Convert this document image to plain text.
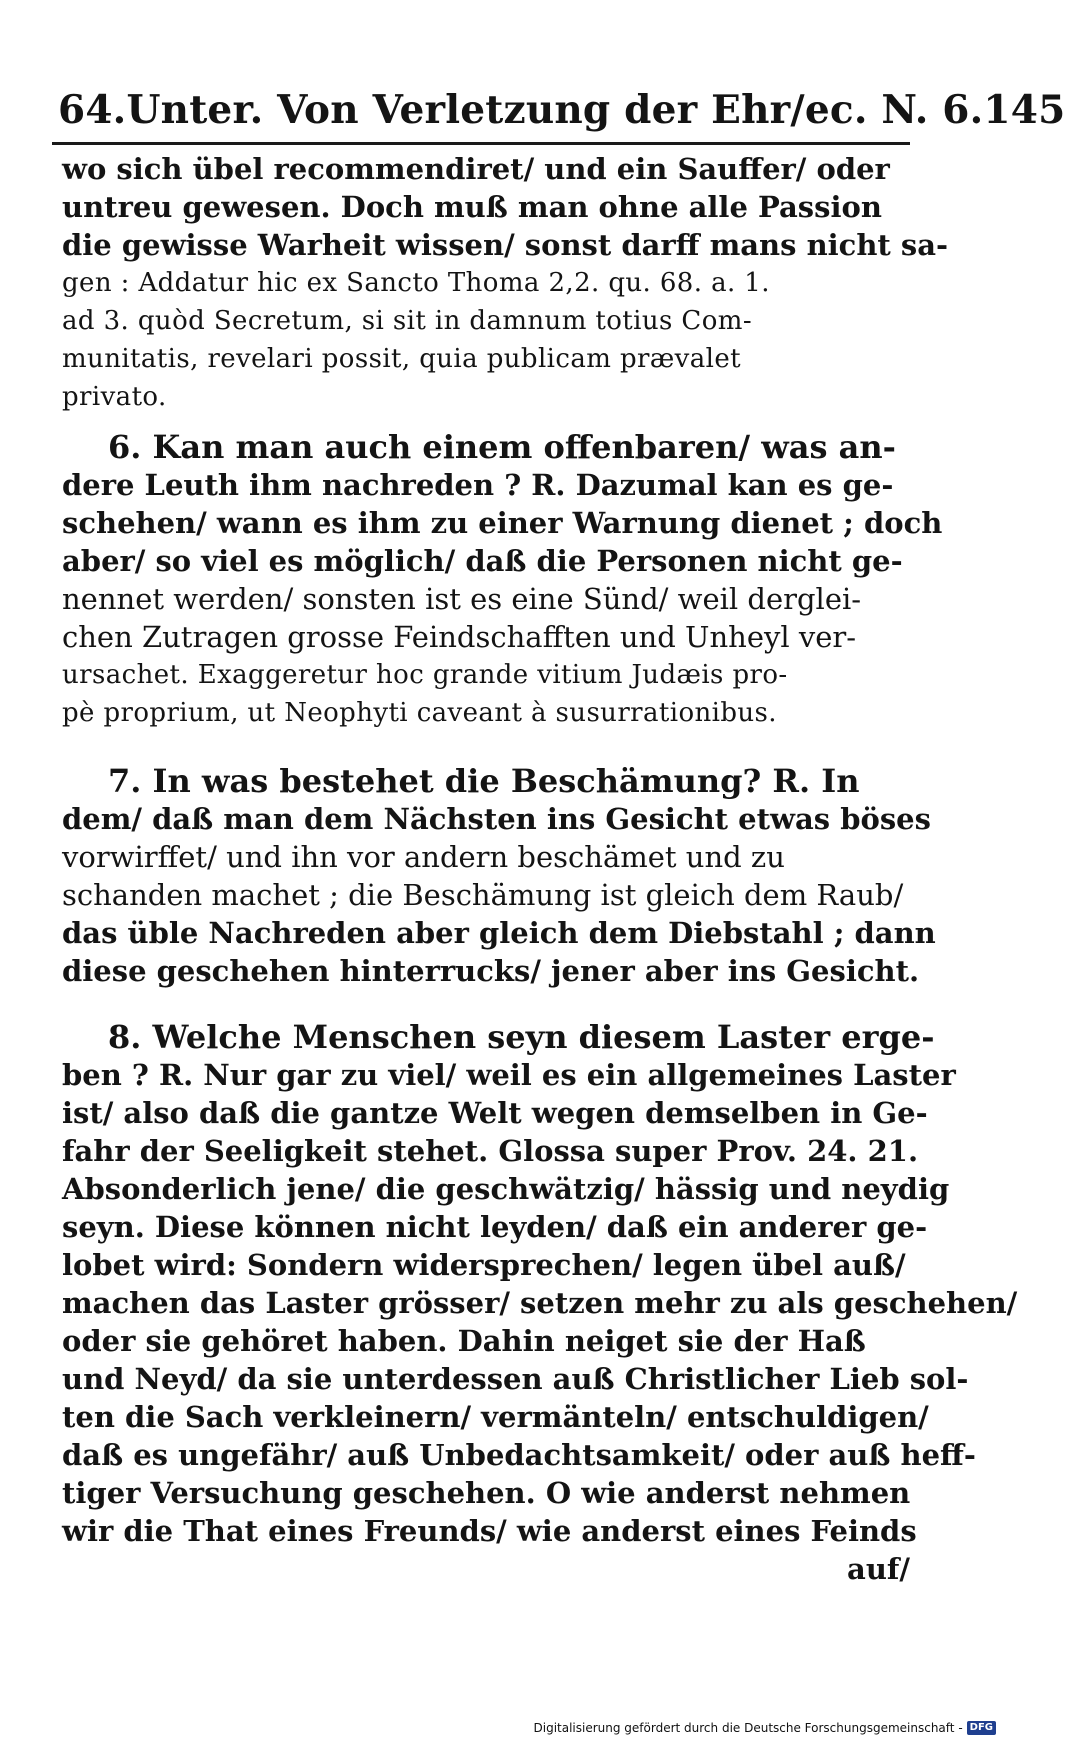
64.Unter. Von Verletzung der Ehr/ec. N. 6. 145
wo sich übel recommendiret/ und ein Sauffer/ oder
untreu gewesen. Doch muß man ohne alle Passion
die gewisse Warheit wissen/ sonst darff mans nicht sa-
gen : Addatur hic ex Sancto Thoma 2,2. qu. 68. a. 1.
ad 3. quòd Secretum, si sit in damnum totius Com-
munitatis, revelari possit, quia publicam prævalet
privato.
6. Kan man auch einem offenbaren/ was an-
dere Leuth ihm nachreden ? R. Dazumal kan es ge-
schehen/ wann es ihm zu einer Warnung dienet ; doch
aber/ so viel es möglich/ daß die Personen nicht ge-
nennet werden/ sonsten ist es eine Sünd/ weil derglei-
chen Zutragen grosse Feindschafften und Unheyl ver-
ursachet. Exaggeretur hoc grande vitium Judæis pro-
pè proprium, ut Neophyti caveant à susurrationibus.
7. In was bestehet die Beschämung? R. In
dem/ daß man dem Nächsten ins Gesicht etwas böses
vorwirffet/ und ihn vor andern beschämet und zu
schanden machet ; die Beschämung ist gleich dem Raub/
das üble Nachreden aber gleich dem Diebstahl ; dann
diese geschehen hinterrucks/ jener aber ins Gesicht.
8. Welche Menschen seyn diesem Laster erge-
ben ? R. Nur gar zu viel/ weil es ein allgemeines Laster
ist/ also daß die gantze Welt wegen demselben in Ge-
fahr der Seeligkeit stehet. Glossa super Prov. 24. 21.
Absonderlich jene/ die geschwätzig/ hässig und neydig
seyn. Diese können nicht leyden/ daß ein anderer ge-
lobet wird: Sondern widersprechen/ legen übel auß/
machen das Laster grösser/ setzen mehr zu als geschehen/
oder sie gehöret haben. Dahin neiget sie der Haß
und Neyd/ da sie unterdessen auß Christlicher Lieb sol-
ten die Sach verkleinern/ vermänteln/ entschuldigen/
daß es ungefähr/ auß Unbedachtsamkeit/ oder auß heff-
tiger Versuchung geschehen. O wie anderst nehmen
wir die That eines Freunds/ wie anderst eines Feinds
auf/
Digitalisierung gefördert durch die Deutsche Forschungsgemeinschaft - DFG
